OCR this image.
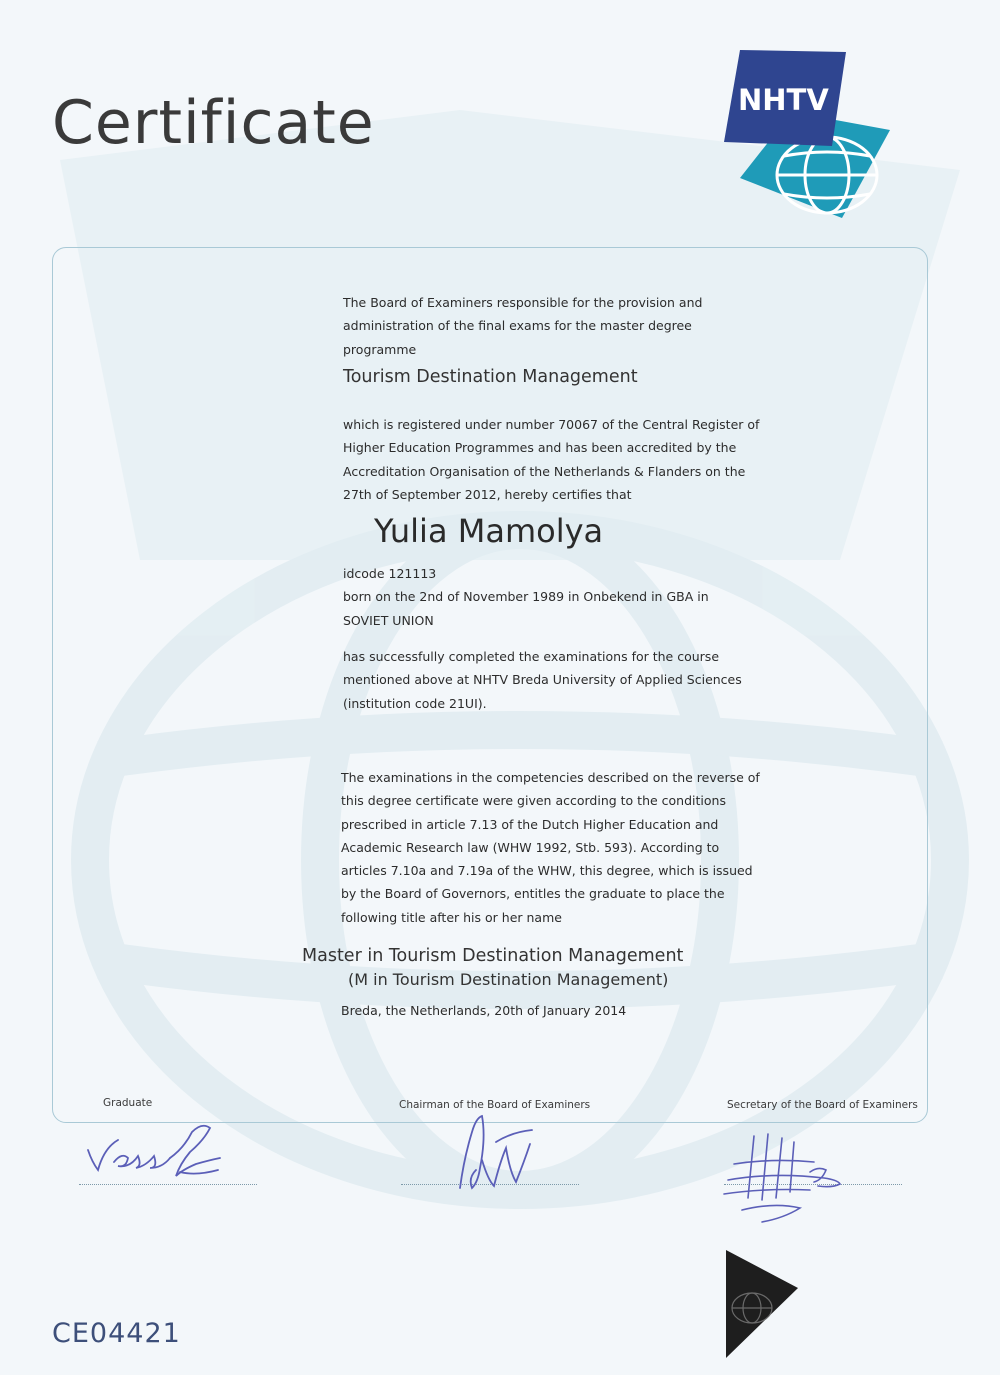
Certificate	NHTV
The Board of Examiners responsible for the provision and
administration of the final exams for the master degree
programme
Tourism Destination Management
which is registered under number 70067 of the Central Register of
Higher Education Programmes and has been accredited by the
Accreditation Organisation of the Netherlands & Flanders on the
27th of September 2012, hereby certifies that
Yulia Mamolya
idcode 121113
born on the 2nd of November 1989 in Onbekend in GBA in
SOVIET UNION
has successfully completed the examinations for the course
mentioned above at NHTV Breda University of Applied Sciences
(institution code 21UI).
The examinations in the competencies described on the reverse of
this degree certificate were given according to the conditions
prescribed in article 7.13 of the Dutch Higher Education and
Academic Research law (WHW 1992, Stb. 593). According to
articles 7.10a and 7.19a of the WHW, this degree, which is issued
by the Board of Governors, entitles the graduate to place the
following title after his or her name
Master in Tourism Destination Management
(M in Tourism Destination Management)
Breda, the Netherlands, 20th of January 2014
Graduate	Chairman of the Board of Examiners	Secretary of the Board of Examiners
CE04421
